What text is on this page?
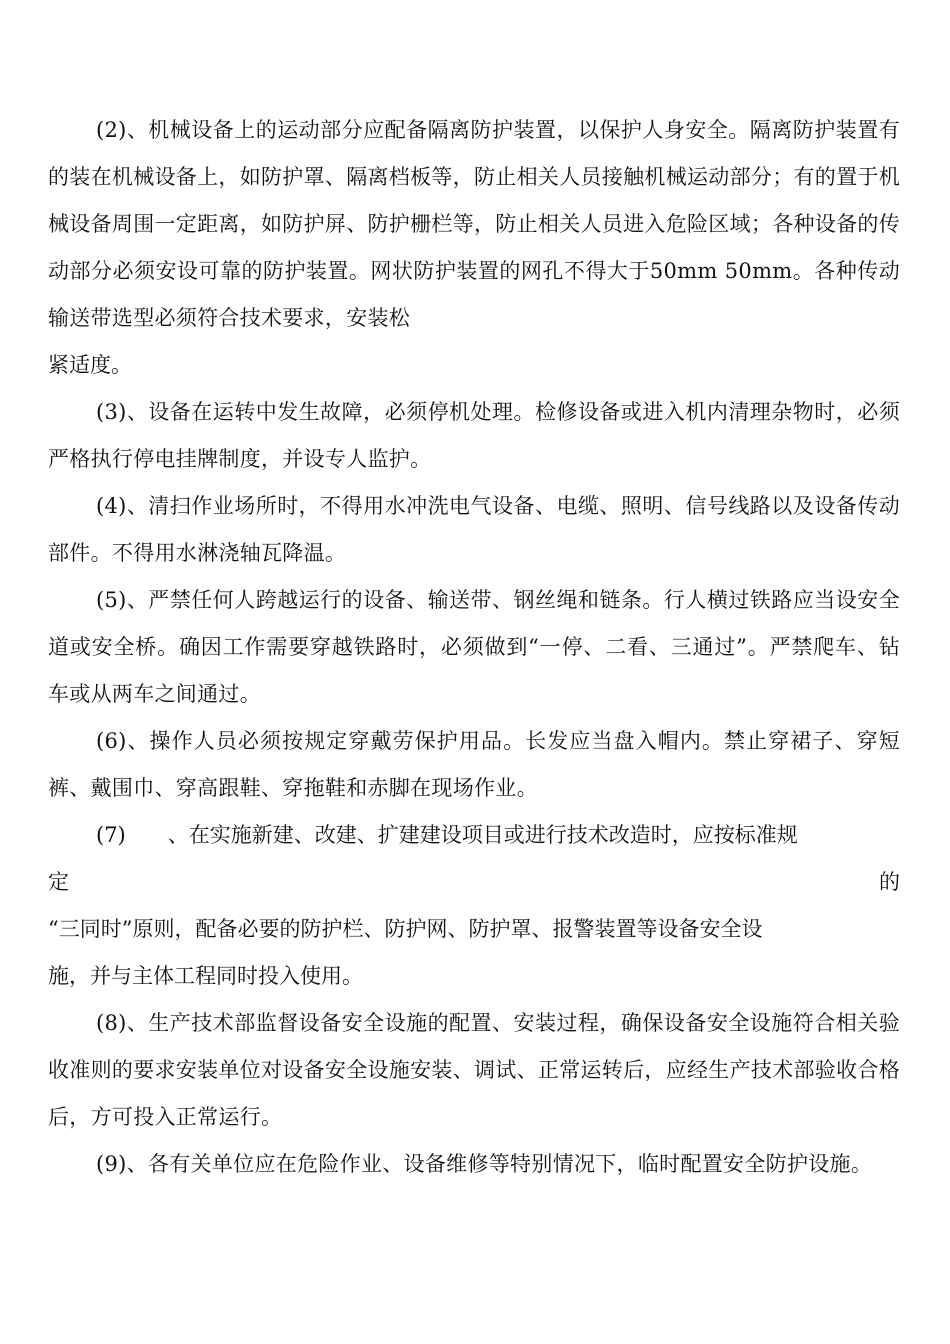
(2)、机械设备上的运动部分应配备隔离防护装置，以保护人身安全。隔离防护装置有的装在机械设备上，如防护罩、隔离档板等，防止相关人员接触机械运动部分；有的置于机械设备周围一定距离，如防护屏、防护栅栏等，防止相关人员进入危险区域；各种设备的传动部分必须安设可靠的防护装置。网状防护装置的网孔不得大于50mm 50mm。各种传动输送带选型必须符合技术要求，安装松

紧适度。

(3)、设备在运转中发生故障，必须停机处理。检修设备或进入机内清理杂物时，必须严格执行停电挂牌制度，并设专人监护。

(4)、清扫作业场所时，不得用水冲洗电气设备、电缆、照明、信号线路以及设备传动部件。不得用水淋浇轴瓦降温。

(5)、严禁任何人跨越运行的设备、输送带、钢丝绳和链条。行人横过铁路应当设安全道或安全桥。确因工作需要穿越铁路时，必须做到“一停、二看、三通过”。严禁爬车、钻车或从两车之间通过。

(6)、操作人员必须按规定穿戴劳保护用品。长发应当盘入帽内。禁止穿裙子、穿短裤、戴围巾、穿高跟鞋、穿拖鞋和赤脚在现场作业。

(7)　　、在实施新建、改建、扩建建设项目或进行技术改造时，应按标准规

定	的

“三同时”原则，配备必要的防护栏、防护网、防护罩、报警装置等设备安全设

施，并与主体工程同时投入使用。

(8)、生产技术部监督设备安全设施的配置、安装过程，确保设备安全设施符合相关验收准则的要求安装单位对设备安全设施安装、调试、正常运转后，应经生产技术部验收合格后，方可投入正常运行。

(9)、各有关单位应在危险作业、设备维修等特别情况下，临时配置安全防护设施。
